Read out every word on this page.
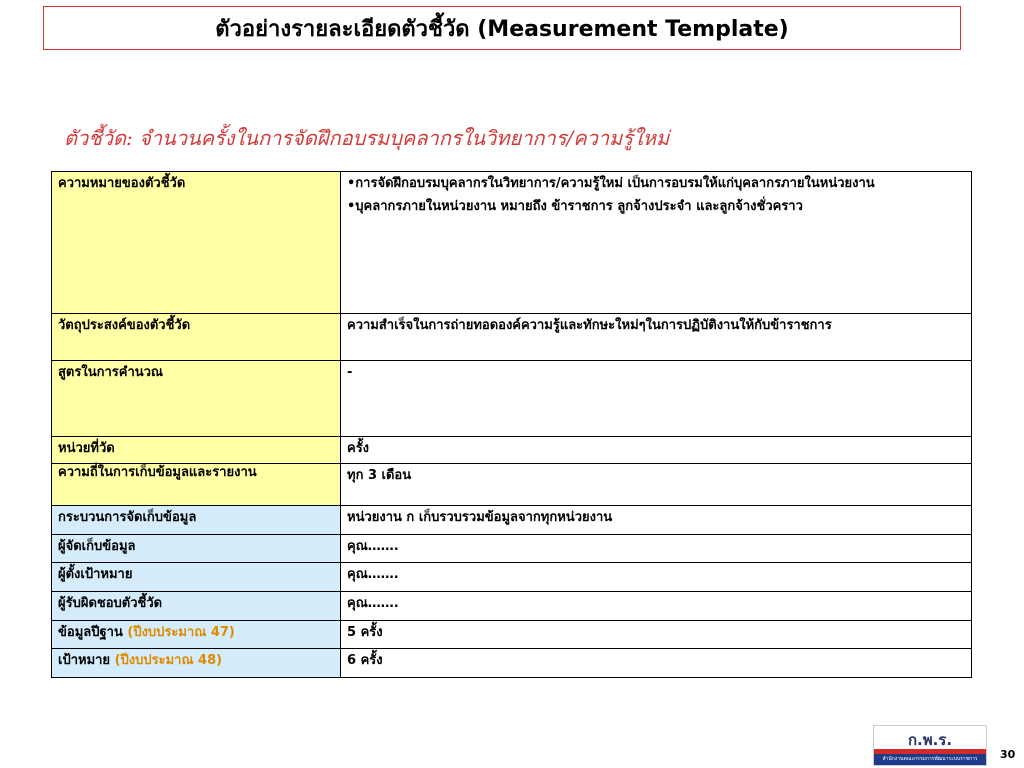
ตัวอย่างรายละเอียดตัวชี้วัด (Measurement Template)
ตัวชี้วัด: จำนวนครั้งในการจัดฝึกอบรมบุคลากรในวิทยาการ/ความรู้ใหม่
ความหมายของตัวชี้วัด	•การจัดฝึกอบรมบุคลากรในวิทยาการ/ความรู้ใหม่ เป็นการอบรมให้แก่บุคลากรภายในหน่วยงาน
•บุคลากรภายในหน่วยงาน หมายถึง ข้าราชการ ลูกจ้างประจำ และลูกจ้างชั่วคราว

วัตถุประสงค์ของตัวชี้วัด	ความสำเร็จในการถ่ายทอดองค์ความรู้และทักษะใหม่ๆในการปฏิบัติงานให้กับข้าราชการ
สูตรในการคำนวณ	-
หน่วยที่วัด	ครั้ง
ความถี่ในการเก็บข้อมูลและรายงาน	ทุก 3 เดือน
กระบวนการจัดเก็บข้อมูล	หน่วยงาน ก เก็บรวบรวมข้อมูลจากทุกหน่วยงาน
ผู้จัดเก็บข้อมูล	คุณ…….
ผู้ตั้งเป้าหมาย	คุณ…….
ผู้รับผิดชอบตัวชี้วัด	คุณ…….
ข้อมูลปีฐาน (ปีงบประมาณ 47)	5 ครั้ง
เป้าหมาย (ปีงบประมาณ 48)	6 ครั้ง
ก.พ.ร.
สำนักงานคณะกรรมการพัฒนาระบบราชการ	30
